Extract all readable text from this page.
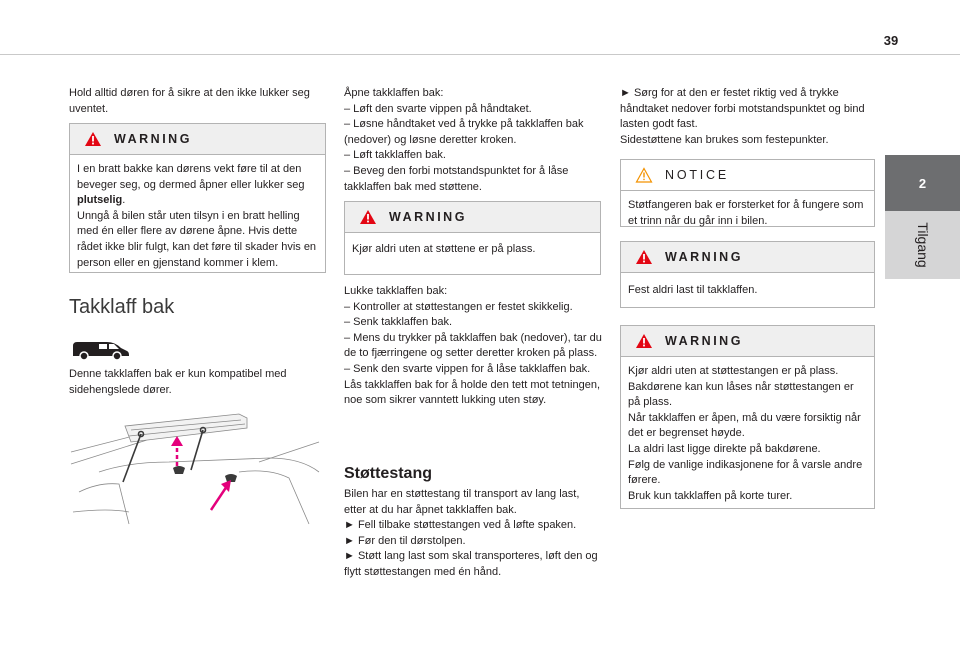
39
2
Tilgang

Hold alltid døren for å sikre at den ikke lukker seg uventet.

WARNING

I en bratt bakke kan dørens vekt føre til at den beveger seg, og dermed åpner eller lukker seg plutselig.

Unngå å bilen står uten tilsyn i en bratt helling med én eller flere av dørene åpne. Hvis dette rådet ikke blir fulgt, kan det føre til skader hvis en person eller en gjenstand kommer i klem.

Takklaff bak

Denne takklaffen bak er kun kompatibel med sidehengslede dører.

Åpne takklaffen bak:

– Løft den svarte vippen på håndtaket.

– Løsne håndtaket ved å trykke på takklaffen bak (nedover) og løsne deretter kroken.

– Løft takklaffen bak.

– Beveg den forbi motstandspunktet for å låse takklaffen bak med støttene.

WARNING

Kjør aldri uten at støttene er på plass.

Lukke takklaffen bak:

– Kontroller at støttestangen er festet skikkelig.

– Senk takklaffen bak.

– Mens du trykker på takklaffen bak (nedover), tar du de to fjærringene og setter deretter kroken på plass.

– Senk den svarte vippen for å låse takklaffen bak.

Lås takklaffen bak for å holde den tett mot tetningen, noe som sikrer vanntett lukking uten støy.

Støttestang

Bilen har en støttestang til transport av lang last, etter at du har åpnet takklaffen bak.

► Fell tilbake støttestangen ved å løfte spaken.

► Før den til dørstolpen.

► Støtt lang last som skal transporteres, løft den og flytt støttestangen med én hånd.

► Sørg for at den er festet riktig ved å trykke håndtaket nedover forbi motstandspunktet og bind lasten godt fast.

Sidestøttene kan brukes som festepunkter.

NOTICE

Støtfangeren bak er forsterket for å fungere som et trinn når du går inn i bilen.

WARNING

Fest aldri last til takklaffen.

WARNING

Kjør aldri uten at støttestangen er på plass.

Bakdørene kan kun låses når støttestangen er på plass.

Når takklaffen er åpen, må du være forsiktig når det er begrenset høyde.

La aldri last ligge direkte på bakdørene.

Følg de vanlige indikasjonene for å varsle andre førere.

Bruk kun takklaffen på korte turer.
